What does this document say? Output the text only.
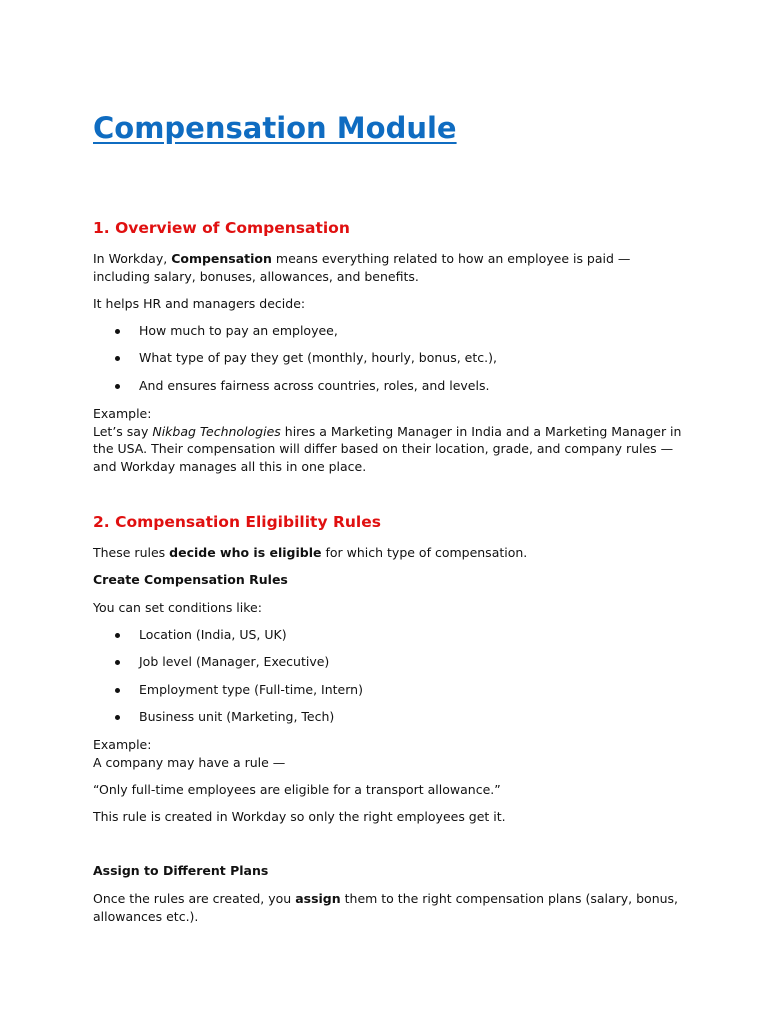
Compensation Module
1. Overview of Compensation

In Workday, Compensation means everything related to how an employee is paid — including salary, bonuses, allowances, and benefits.

It helps HR and managers decide:

How much to pay an employee,
What type of pay they get (monthly, hourly, bonus, etc.),
And ensures fairness across countries, roles, and levels.

Example:
Let’s say Nikbag Technologies hires a Marketing Manager in India and a Marketing Manager in the USA. Their compensation will differ based on their location, grade, and company rules — and Workday manages all this in one place.

2. Compensation Eligibility Rules

These rules decide who is eligible for which type of compensation.

Create Compensation Rules

You can set conditions like:

Location (India, US, UK)
Job level (Manager, Executive)
Employment type (Full-time, Intern)
Business unit (Marketing, Tech)

Example:
A company may have a rule —

“Only full-time employees are eligible for a transport allowance.”

This rule is created in Workday so only the right employees get it.

Assign to Different Plans

Once the rules are created, you assign them to the right compensation plans (salary, bonus, allowances etc.).
